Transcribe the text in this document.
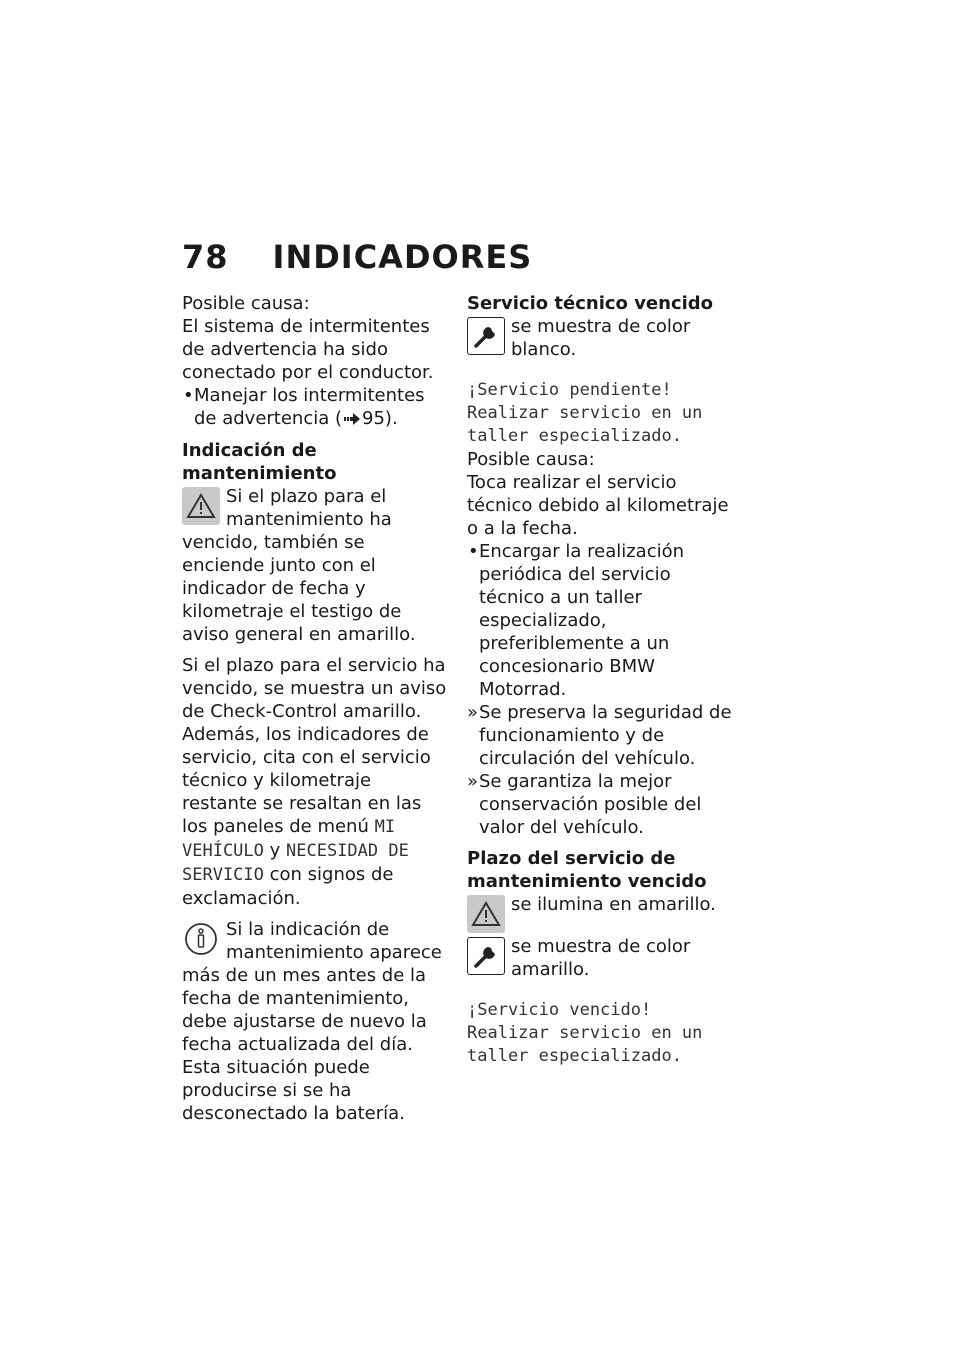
78 INDICADORES

Posible causa:

El sistema de intermitentes de advertencia ha sido conectado por el conductor.

• Manejar los intermitentes de advertencia ( 95).
Indicación de mantenimiento

Si el plazo para el mantenimiento ha vencido, también se enciende junto con el indicador de fecha y kilometraje el testigo de aviso general en amarillo.

Si el plazo para el servicio ha vencido, se muestra un aviso de Check-Control amarillo. Además, los indicadores de servicio, cita con el servicio técnico y kilometraje restante se resaltan en las los paneles de menú MI VEHÍCULO y NECESIDAD DE SERVICIO con signos de exclamación.

Si la indicación de mantenimiento aparece más de un mes antes de la fecha de mantenimiento, debe ajustarse de nuevo la fecha actualizada del día. Esta situación puede producirse si se ha desconectado la batería.

Servicio técnico vencido

se muestra de color blanco.

¡Servicio pendiente! Realizar servicio en un taller especializado.

Posible causa:

Toca realizar el servicio técnico debido al kilometraje o a la fecha.

• Encargar la realización periódica del servicio técnico a un taller especializado, preferiblemente a un concesionario BMW Motorrad.
» Se preserva la seguridad de funcionamiento y de circulación del vehículo.
» Se garantiza la mejor conservación posible del valor del vehículo.
Plazo del servicio de mantenimiento vencido

se ilumina en amarillo.

se muestra de color amarillo.

¡Servicio vencido! Realizar servicio en un taller especializado.
